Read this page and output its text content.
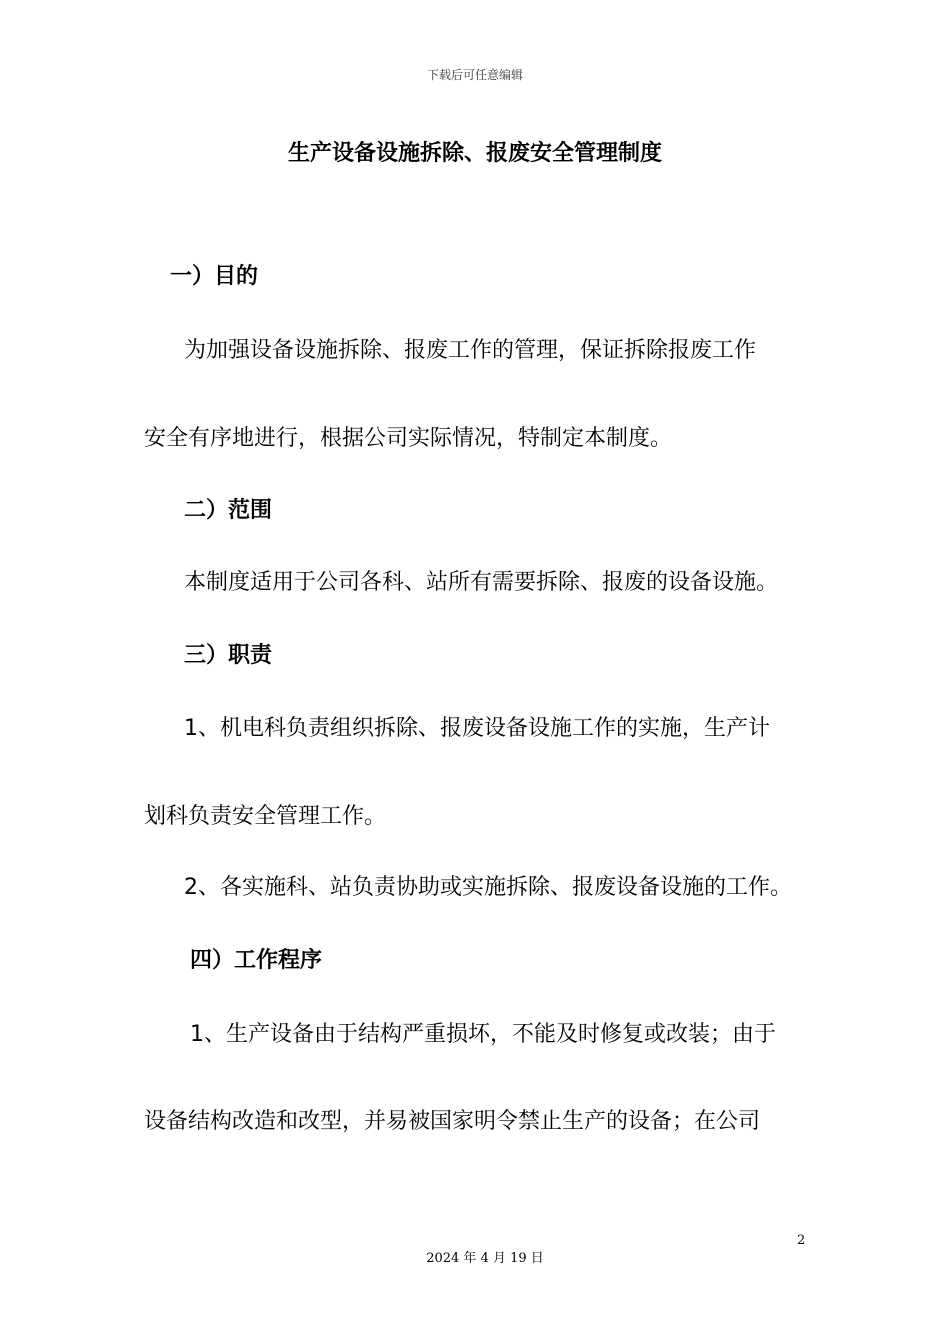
下载后可任意编辑
生产设备设施拆除、报废安全管理制度
一）目的
为加强设备设施拆除、报废工作的管理，保证拆除报废工作
安全有序地进行，根据公司实际情况，特制定本制度。
二）范围
本制度适用于公司各科、站所有需要拆除、报废的设备设施。
三）职责
1、机电科负责组织拆除、报废设备设施工作的实施，生产计
划科负责安全管理工作。
2、各实施科、站负责协助或实施拆除、报废设备设施的工作。
四）工作程序
1、生产设备由于结构严重损坏，不能及时修复或改装；由于
设备结构改造和改型，并易被国家明令禁止生产的设备；在公司
2
2024 年 4 月 19 日
